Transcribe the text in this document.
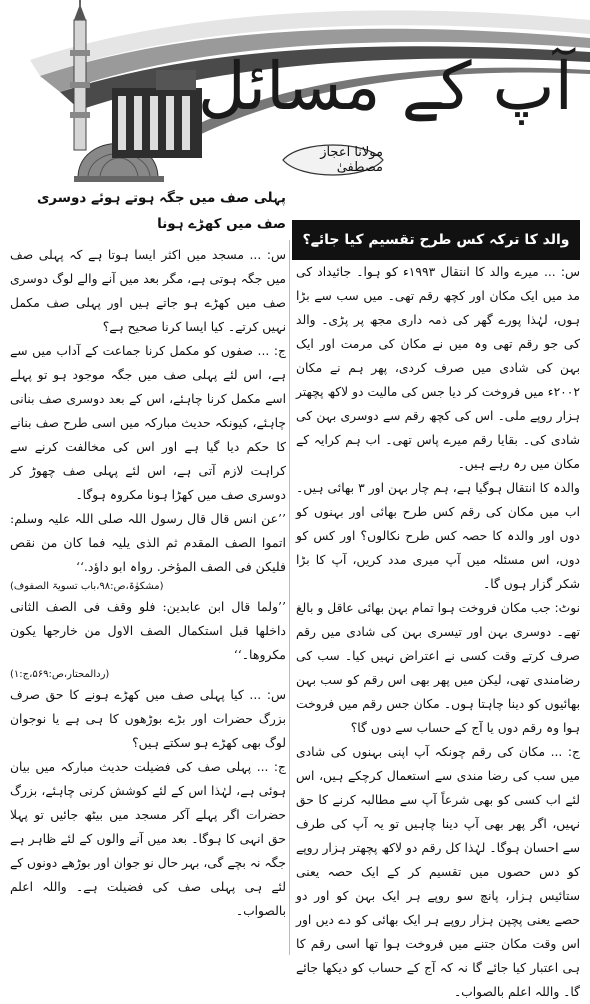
آپ کے مسائل
مولانا اعجاز مصطفیٰ
والد کا ترکہ کس طرح تقسیم کیا جائے؟

س: ... میرے والد کا انتقال ۱۹۹۳ء کو ہوا۔ جائیداد کی مد میں ایک مکان اور کچھ رقم تھی۔ میں سب سے بڑا ہوں، لہٰذا پورے گھر کی ذمہ داری مجھ پر پڑی۔ والد کی جو رقم تھی وہ میں نے مکان کی مرمت اور ایک بہن کی شادی میں صرف کردی، پھر ہم نے مکان ۲۰۰۲ء میں فروخت کر دیا جس کی مالیت دو لاکھ پچھتر ہزار روپے ملی۔ اس کی کچھ رقم سے دوسری بہن کی شادی کی۔ بقایا رقم میرے پاس تھی۔ اب ہم کرایہ کے مکان میں رہ رہے ہیں۔

والدہ کا انتقال ہوگیا ہے، ہم چار بہن اور ۳ بھائی ہیں۔ اب میں مکان کی رقم کس طرح بھائی اور بہنوں کو دوں اور والدہ کا حصہ کس طرح نکالوں؟ اور کس کو دوں، اس مسئلہ میں آپ میری مدد کریں، آپ کا بڑا شکر گزار ہوں گا۔

نوٹ: جب مکان فروخت ہوا تمام بہن بھائی عاقل و بالغ تھے۔ دوسری بہن اور تیسری بہن کی شادی میں رقم صرف کرتے وقت کسی نے اعتراض نہیں کیا۔ سب کی رضامندی تھی، لیکن میں پھر بھی اس رقم کو سب بہن بھائیوں کو دینا چاہتا ہوں۔ مکان جس رقم میں فروخت ہوا وہ رقم دوں یا آج کے حساب سے دوں گا؟

ج: ... مکان کی رقم چونکہ آپ اپنی بہنوں کی شادی میں سب کی رضا مندی سے استعمال کرچکے ہیں، اس لئے اب کسی کو بھی شرعاً آپ سے مطالبہ کرنے کا حق نہیں، اگر پھر بھی آپ دینا چاہیں تو یہ آپ کی طرف سے احسان ہوگا۔ لہٰذا کل رقم دو لاکھ پچھتر ہزار روپے کو دس حصوں میں تقسیم کر کے ایک حصہ یعنی ستائیس ہزار، پانچ سو روپے ہر ایک بہن کو اور دو حصے یعنی پچپن ہزار روپے ہر ایک بھائی کو دے دیں اور اس وقت مکان جتنے میں فروخت ہوا تھا اسی رقم کا ہی اعتبار کیا جائے گا نہ کہ آج کے حساب کو دیکھا جائے گا۔ واللہ اعلم بالصواب۔

پہلی صف میں جگہ ہوتے ہوئے دوسری صف میں کھڑے ہونا

س: ... مسجد میں اکثر ایسا ہوتا ہے کہ پہلی صف میں جگہ ہوتی ہے، مگر بعد میں آنے والے لوگ دوسری صف میں کھڑے ہو جاتے ہیں اور پہلی صف مکمل نہیں کرتے۔ کیا ایسا کرنا صحیح ہے؟

ج: ... صفوں کو مکمل کرنا جماعت کے آداب میں سے ہے، اس لئے پہلی صف میں جگہ موجود ہو تو پہلے اسے مکمل کرنا چاہئے، اس کے بعد دوسری صف بنانی چاہئے، کیونکہ حدیث مبارکہ میں اسی طرح صف بنانے کا حکم دیا گیا ہے اور اس کی مخالفت کرنے سے کراہت لازم آتی ہے، اس لئے پہلی صف چھوڑ کر دوسری صف میں کھڑا ہونا مکروہ ہوگا۔

’’عن انس قال قال رسول اللہ صلی اللہ علیہ وسلم: اتموا الصف المقدم ثم الذی یلیہ فما کان من نقص فلیکن فی الصف المؤخر. رواہ ابو داؤد.‘‘

(مشکوٰۃ،ص:۹۸،باب تسویۃ الصفوف)

’’ولما قال ابن عابدین: فلو وقف فی الصف الثانی داخلها قبل استکمال الصف الاول من خارجها یکون مکروھا۔‘‘

(ردالمحتار،ص:۵۶۹،ج:۱)

س: ... کیا پہلی صف میں کھڑے ہونے کا حق صرف بزرگ حضرات اور بڑے بوڑھوں کا ہی ہے یا نوجوان لوگ بھی کھڑے ہو سکتے ہیں؟

ج: ... پہلی صف کی فضیلت حدیث مبارکہ میں بیان ہوئی ہے، لہٰذا اس کے لئے کوشش کرنی چاہئے، بزرگ حضرات اگر پہلے آکر مسجد میں بیٹھ جائیں تو پہلا حق انہی کا ہوگا۔ بعد میں آنے والوں کے لئے ظاہر ہے جگہ نہ بچے گی، بہر حال نو جوان اور بوڑھے دونوں کے لئے ہی پہلی صف کی فضیلت ہے۔ واللہ اعلم بالصواب۔
